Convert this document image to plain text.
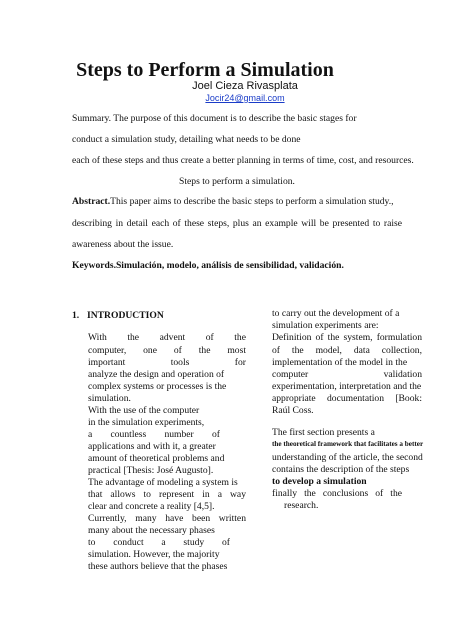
Steps to Perform a Simulation
Joel Cieza Rivasplata
Jocir24@gmail.com
Summary. The purpose of this document is to describe the basic stages for
conduct a simulation study, detailing what needs to be done
each of these steps and thus create a better planning in terms of time, cost, and resources.
Steps to perform a simulation.
Abstract.This paper aims to describe the basic steps to perform a simulation study.,
describing in detail each of these steps, plus an example will be presented to raise
awareness about the issue.
Keywords.Simulación, modelo, análisis de sensibilidad, validación.
1. INTRODUCTION
With the advent of the
computer, one of the most
important tools for
analyze the design and operation of
complex systems or processes is the
simulation.
With the use of the computer
in the simulation experiments,
a countless number of
applications and with it, a greater
amount of theoretical problems and
practical [Thesis: José Augusto].
The advantage of modeling a system is
that allows to represent in a way
clear and concrete a reality [4,5].
Currently, many have been written
many about the necessary phases
to conduct a study of
simulation. However, the majority
these authors believe that the phases
to carry out the development of a
simulation experiments are:
Definition of the system, formulation
of the model, data collection,
implementation of the model in the
computer validation
experimentation, interpretation and the
appropriate documentation [Book:
Raúl Coss.
The first section presents a
the theoretical framework that facilitates a better
understanding of the article, the second
contains the description of the steps
to develop a simulation
finally the conclusions of the
research.
